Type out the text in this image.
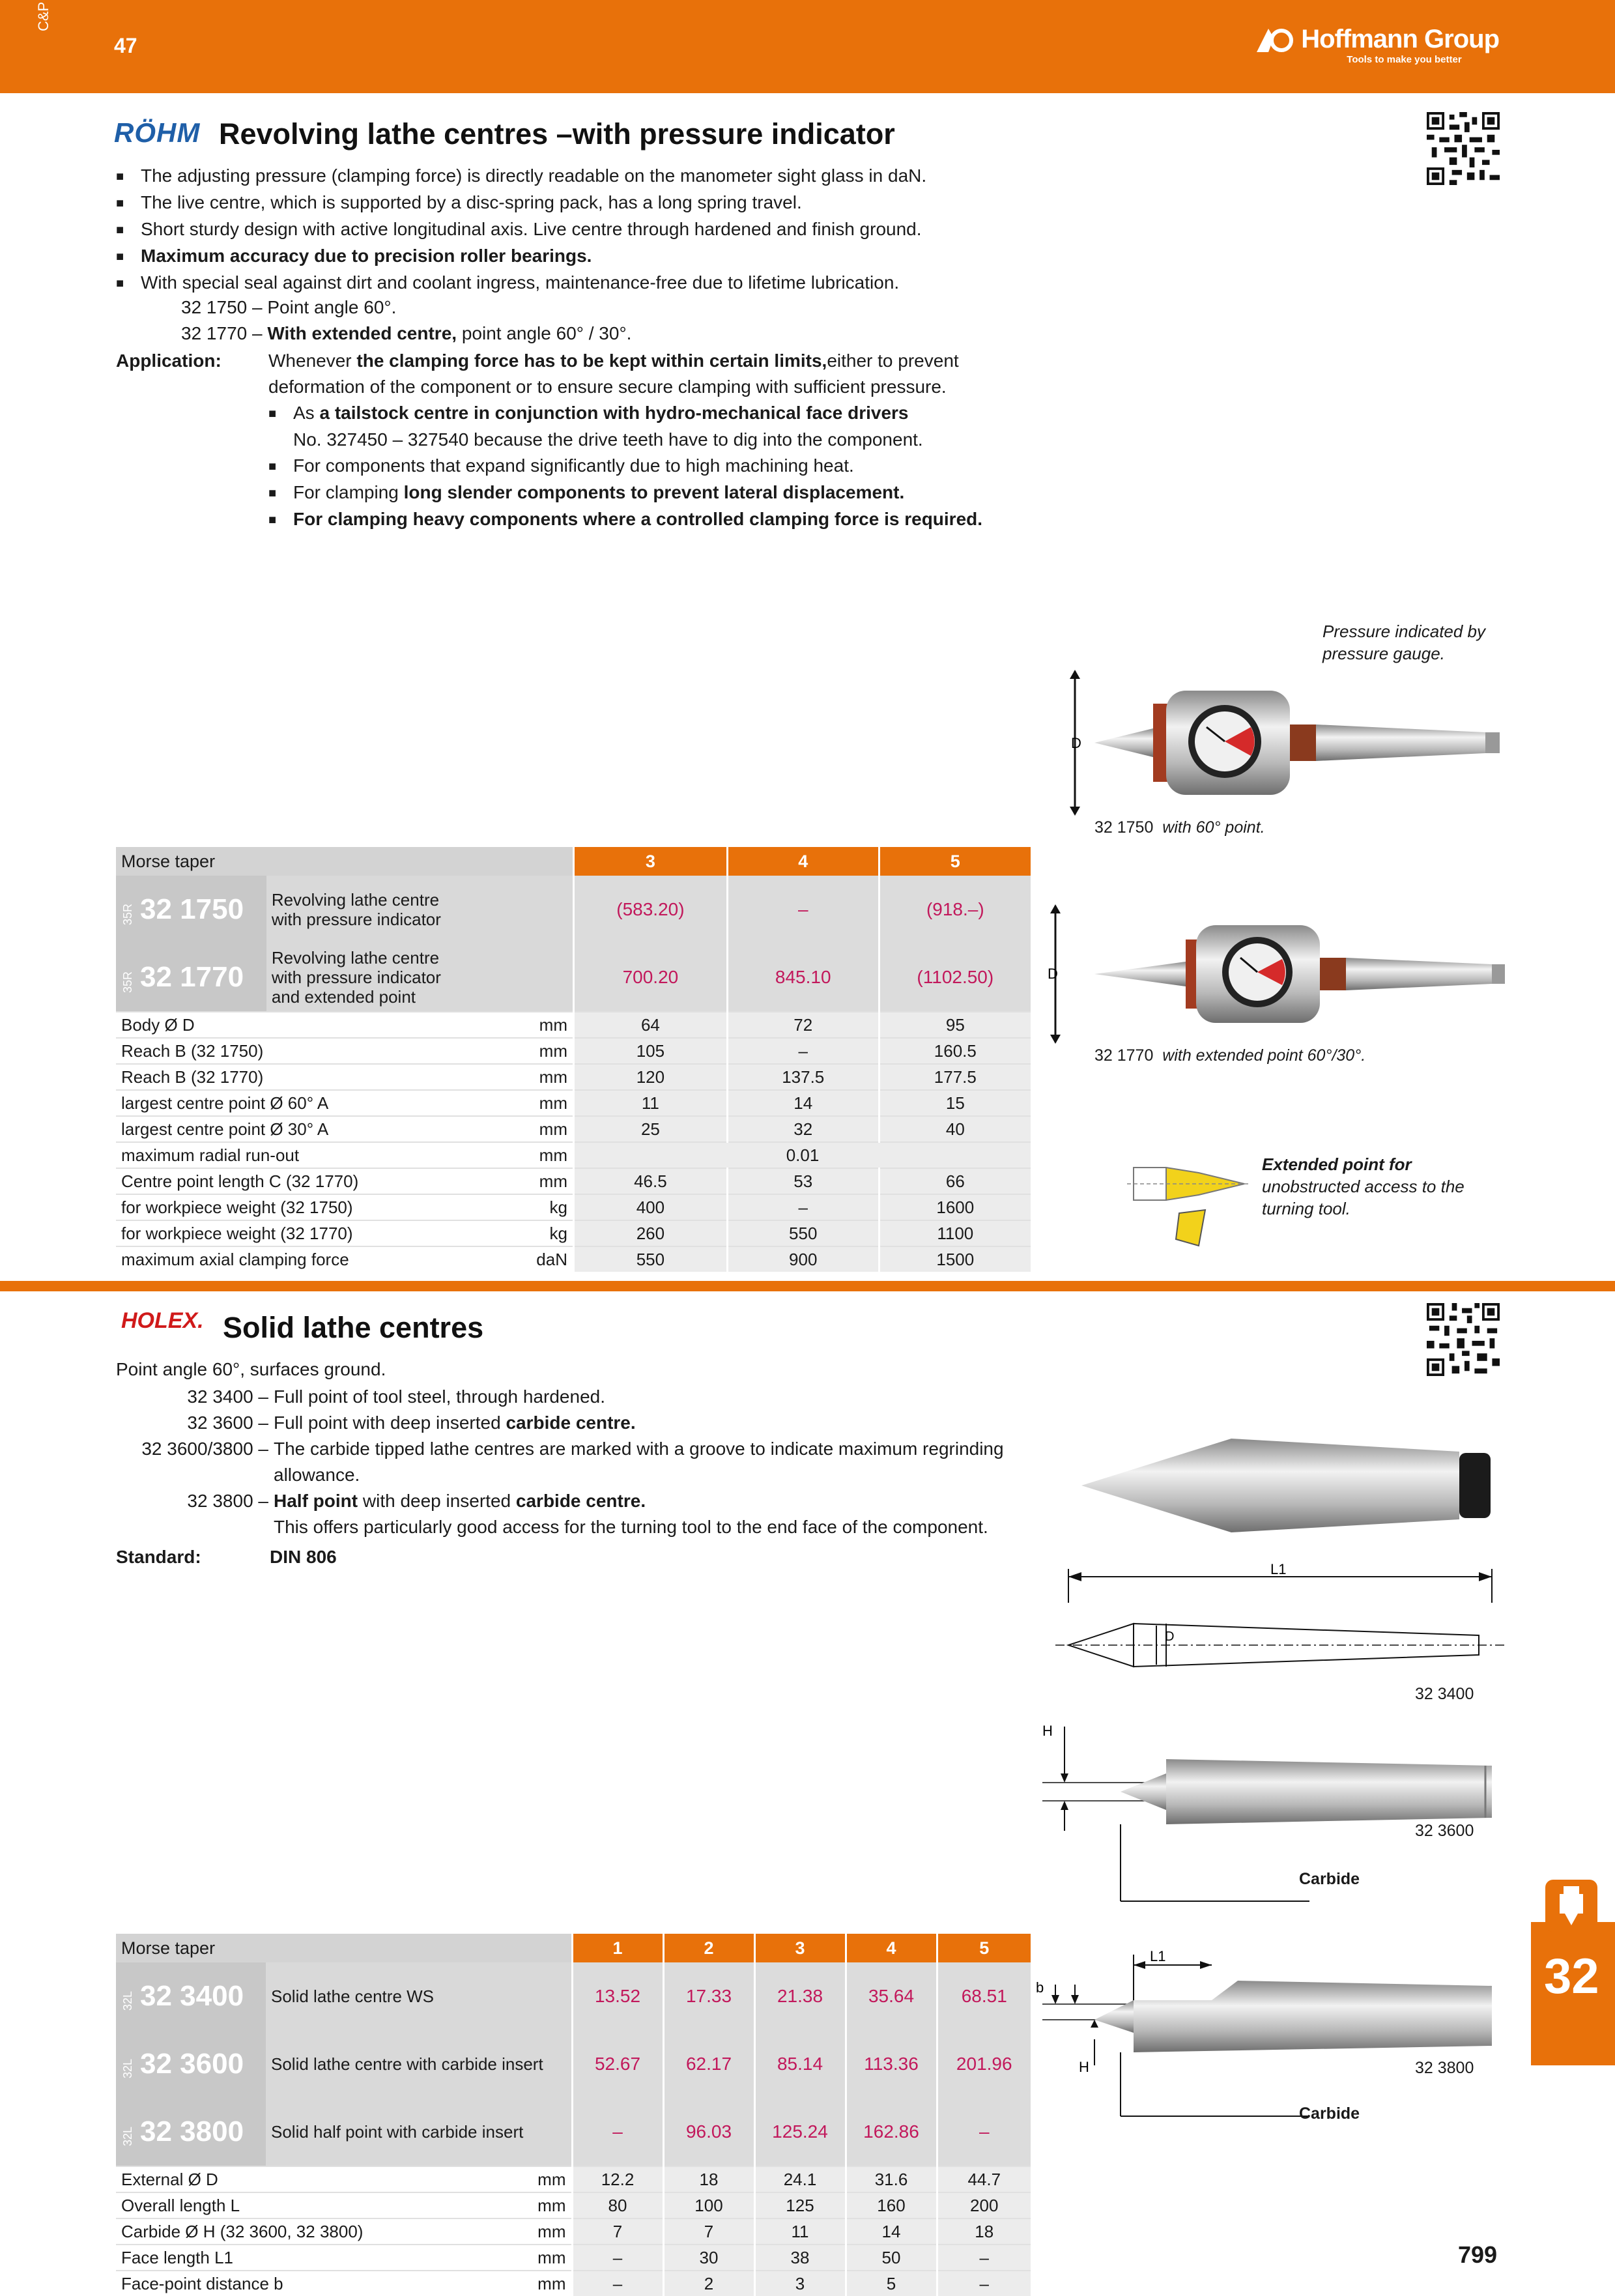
C&P
47	Hoffmann Group
Tools to make you better
RÖHM Revolving lathe centres –with pressure indicator
■ The adjusting pressure (clamping force) is directly readable on the manometer sight glass in daN.
■ The live centre, which is supported by a disc-spring pack, has a long spring travel.
■ Short sturdy design with active longitudinal axis. Live centre through hardened and finish ground.
■ Maximum accuracy due to precision roller bearings.
■ With special seal against dirt and coolant ingress, maintenance-free due to lifetime lubrication.
32 1750 – Point angle 60°.
32 1770 – With extended centre, point angle 60° / 30°.
Application:	Whenever the clamping force has to be kept within certain limits,either to prevent deformation of the component or to ensure secure clamping with sufficient pressure.
■ As a tailstock centre in conjunction with hydro-mechanical face drivers
No. 327450 – 327540 because the drive teeth have to dig into the component.
■ For components that expand significantly due to high machining heat.
■ For clamping long slender components to prevent lateral displacement.
■ For clamping heavy components where a controlled clamping force is required.
Pressure indicated by pressure gauge.
D
32 1750 with 60° point.
D
32 1770 with extended point 60°/30°.
Extended point for
unobstructed access to the turning tool.
Morse taper			3	4	5
35R 32 1750	Revolving lathe centre
with pressure indicator		(583.20)	–	(918.–)
35R 32 1770	Revolving lathe centre
with pressure indicator
and extended point		700.20	845.10	(1102.50)
Body Ø D		mm	64	72	95
Reach B (32 1750)		mm	105	–	160.5
Reach B (32 1770)		mm	120	137.5	177.5
largest centre point Ø 60° A		mm	11	14	15
largest centre point Ø 30° A		mm	25	32	40
maximum radial run-out		mm	0.01		
Centre point length C (32 1770)		mm	46.5	53	66
for workpiece weight (32 1750)		kg	400	–	1600
for workpiece weight (32 1770)		kg	260	550	1100
maximum axial clamping force		daN	550	900	1500
HOLEX. Solid lathe centres
Point angle 60°, surfaces ground.
32 3400 – Full point of tool steel, through hardened.
32 3600 – Full point with deep inserted carbide centre.
32 3600/3800 – The carbide tipped lathe centres are marked with a groove to indicate maximum regrinding allowance.
32 3800 – Half point with deep inserted carbide centre.
This offers particularly good access for the turning tool to the end face of the component.
Standard:	DIN 806
L1
D
32 3400
H
32 3600
Carbide
L1
b
H	32 3800
Carbide
Morse taper			1	2	3	4	5
32L 32 3400	Solid lathe centre WS		13.52	17.33	21.38	35.64	68.51
32L 32 3600	Solid lathe centre with carbide insert		52.67	62.17	85.14	113.36	201.96
32L 32 3800	Solid half point with carbide insert		–	96.03	125.24	162.86	–
External Ø D		mm	12.2	18	24.1	31.6	44.7
Overall length L		mm	80	100	125	160	200
Carbide Ø H (32 3600, 32 3800)		mm	7	7	11	14	18
Face length L1		mm	–	30	38	50	–
Face-point distance b		mm	–	2	3	5	–
32
799
